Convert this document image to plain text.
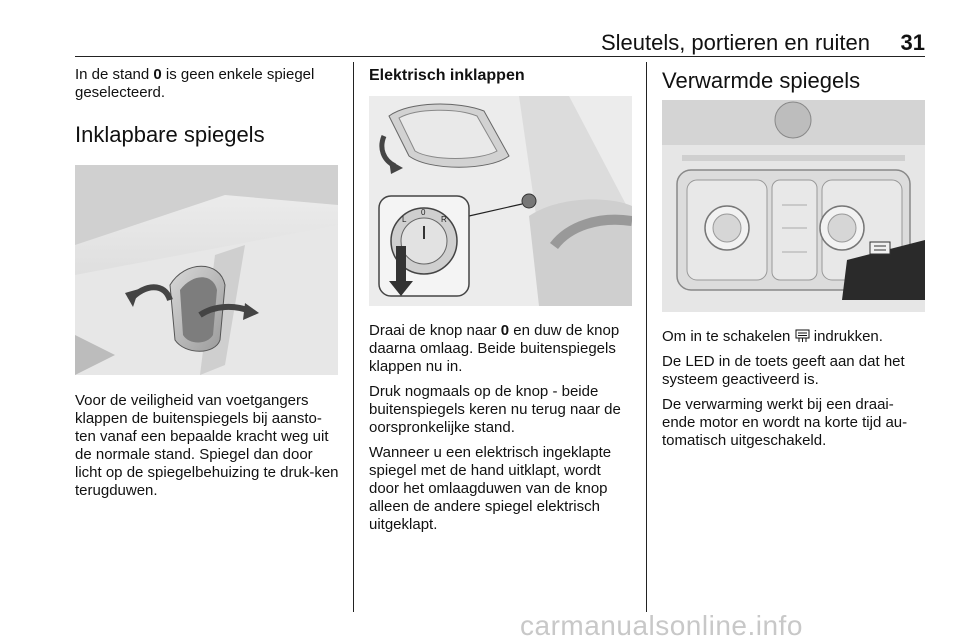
Sleutels, portieren en ruiten 31

In de stand 0 is geen enkele spiegel geselecteerd.

Inklapbare spiegels

Voor de veiligheid van voetgangers klappen de buitenspiegels bij aansto-ten vanaf een bepaalde kracht weg uit de normale stand. Spiegel dan door licht op de spiegelbehuizing te druk-ken terugduwen.

Elektrisch inklappen
L
0
R

Draai de knop naar 0 en duw de knop daarna omlaag. Beide buitenspiegels klappen nu in.

Druk nogmaals op de knop - beide buitenspiegels keren nu terug naar de oorspronkelijke stand.

Wanneer u een elektrisch ingeklapte spiegel met de hand uitklapt, wordt door het omlaagduwen van de knop alleen de andere spiegel elektrisch uitgeklapt.

Verwarmde spiegels

Om in te schakelen
indrukken.

De LED in de toets geeft aan dat het systeem geactiveerd is.

De verwarming werkt bij een draai-ende motor en wordt na korte tijd au-tomatisch uitgeschakeld.

carmanualsonline.info
